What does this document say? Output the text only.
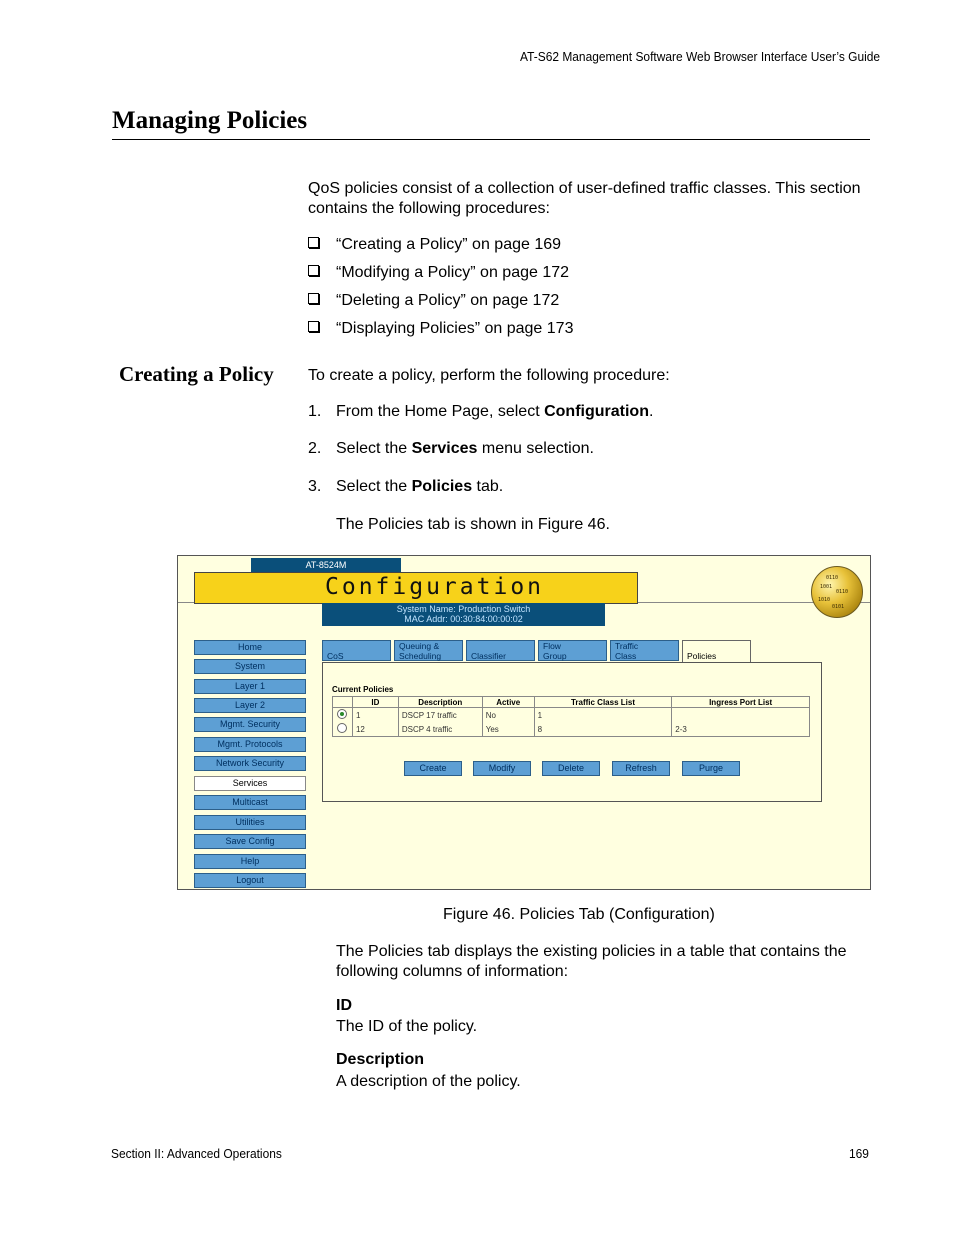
AT-S62 Management Software Web Browser Interface User’s Guide
Managing Policies
QoS policies consist of a collection of user-defined traffic classes. This section contains the following procedures:
“Creating a Policy” on page 169
“Modifying a Policy” on page 172
“Deleting a Policy” on page 172
“Displaying Policies” on page 173
Creating a Policy To create a policy, perform the following procedure:
1. From the Home Page, select Configuration.
2. Select the Services menu selection.
3. Select the Policies tab.
The Policies tab is shown in Figure 46.
AT-8524M
Configuration
System Name: Production Switch
MAC Addr: 00:30:84:00:00:02
0110
1001
0110
1010
0101
Home
System
Layer 1
Layer 2
Mgmt. Security
Mgmt. Protocols
Network Security
Services
Multicast
Utilities
Save Config
Help
Logout

CoS
Queuing &
Scheduling
	Classifier
Flow
Group
Traffic
Class
	Policies
Current Policies
	ID	Description	Active	Traffic Class List	Ingress Port List
	1	DSCP 17 traffic	No	1	
	12	DSCP 4 traffic	Yes	8	2-3
Create	Modify	Delete	Refresh	Purge
Figure 46. Policies Tab (Configuration)
The Policies tab displays the existing policies in a table that contains the following columns of information:
ID
The ID of the policy.
Description
A description of the policy.
Section II: Advanced Operations	169
